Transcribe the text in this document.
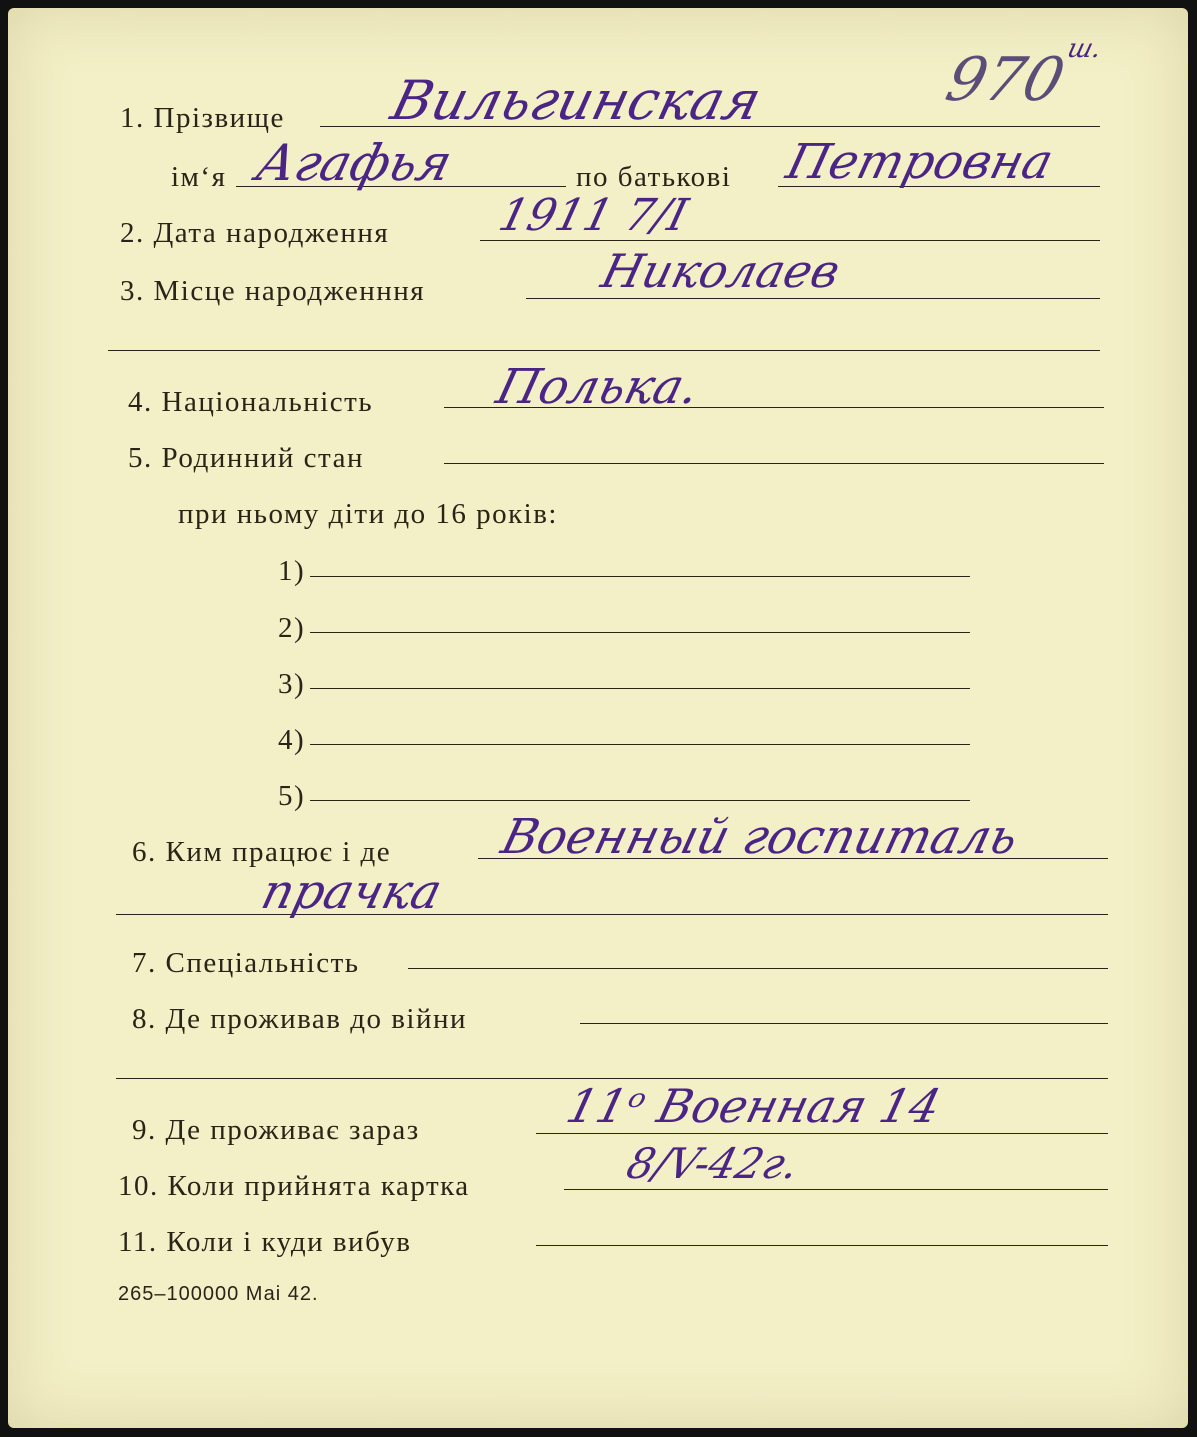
970
ш.
1. Прізвище Вильгинская
ім‘я Агафья	по батькові Петровна
2. Дата народження 1911 7/I
3. Місце народженння	Николаев
4. Національність Полька.
5. Родинний стан
при ньому діти до 16 років:
1)
2)
3)
4)
5)
6. Ким працює і де Военный госпиталь
прачка
7. Спеціальність
8. Де проживав до війни
9. Де проживає зараз	11ᵒ Военная 14
10. Коли прийнята картка	8/V-42г.
11. Коли і куди вибув
265–100000 Маі 42.
